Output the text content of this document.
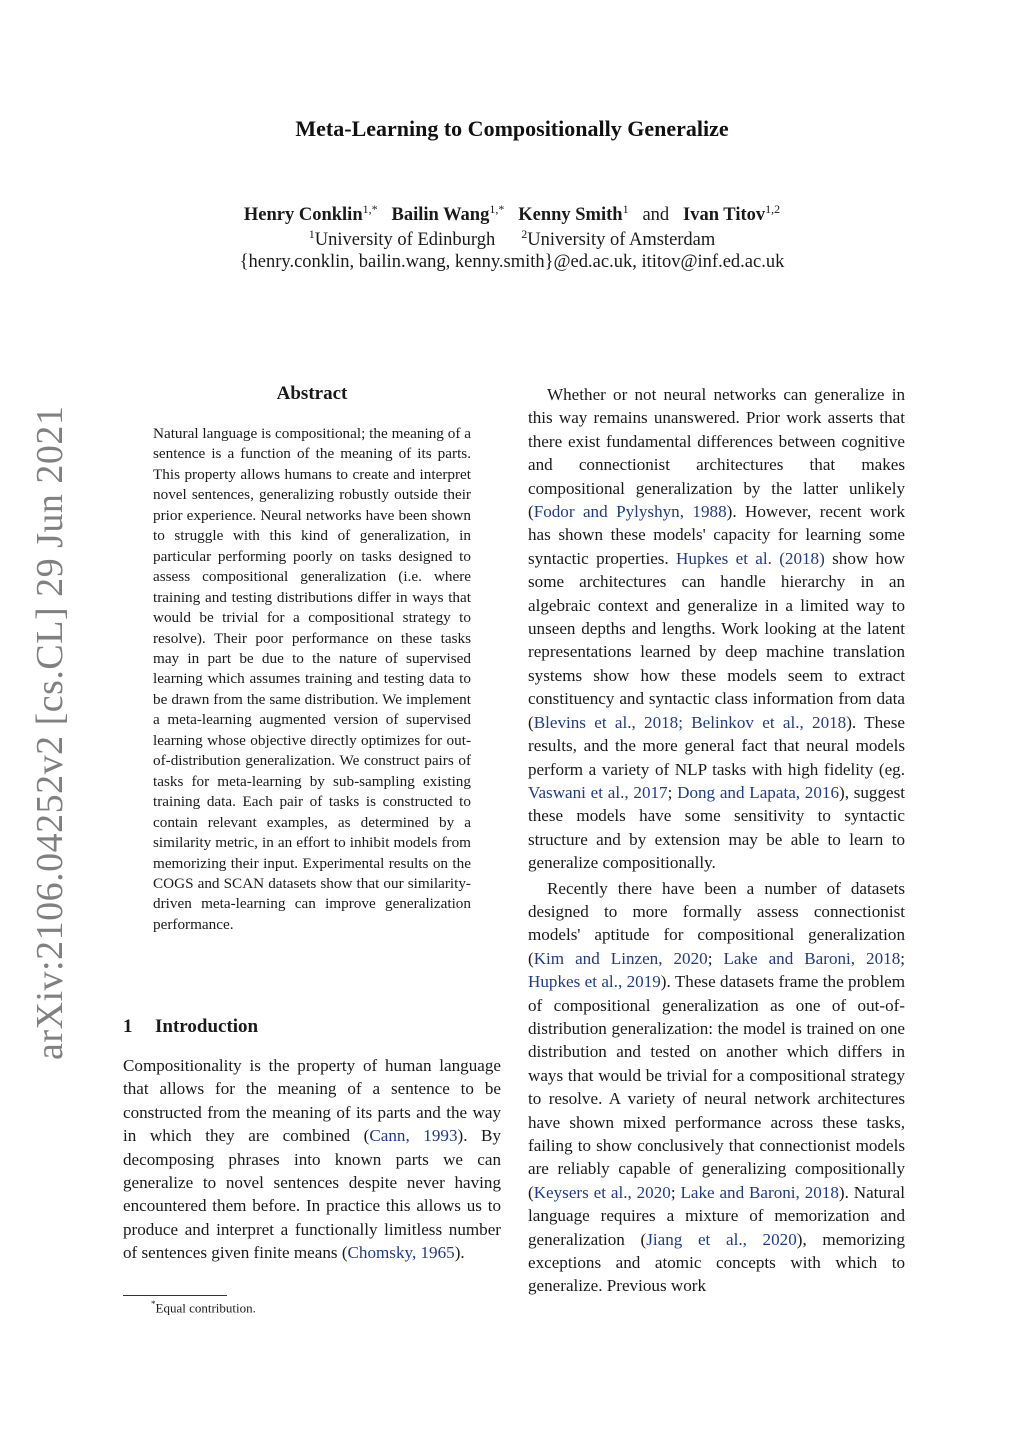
arXiv:2106.04252v2 [cs.CL] 29 Jun 2021
Meta-Learning to Compositionally Generalize
Henry Conklin$^{1,*}$ Bailin Wang$^{1,*}$ Kenny Smith$^1$ and Ivan Titov$^{1,2}$
$^1$University of Edinburgh $^2$University of Amsterdam
{henry.conklin, bailin.wang, kenny.smith}@ed.ac.uk, ititov@inf.ed.ac.uk
Abstract
Natural language is compositional; the meaning of a sentence is a function of the meaning of its parts. This property allows humans to create and interpret novel sentences, generalizing robustly outside their prior experience. Neural networks have been shown to struggle with this kind of generalization, in particular performing poorly on tasks designed to assess compositional generalization (i.e. where training and testing distributions differ in ways that would be trivial for a compositional strategy to resolve). Their poor performance on these tasks may in part be due to the nature of supervised learning which assumes training and testing data to be drawn from the same distribution. We implement a meta-learning augmented version of supervised learning whose objective directly optimizes for out-of-distribution generalization. We construct pairs of tasks for meta-learning by sub-sampling existing training data. Each pair of tasks is constructed to contain relevant examples, as determined by a similarity metric, in an effort to inhibit models from memorizing their input. Experimental results on the COGS and SCAN datasets show that our similarity-driven meta-learning can improve generalization performance.
1 Introduction
Compositionality is the property of human language that allows for the meaning of a sentence to be constructed from the meaning of its parts and the way in which they are combined (Cann, 1993). By decomposing phrases into known parts we can generalize to novel sentences despite never having encountered them before. In practice this allows us to produce and interpret a functionally limitless number of sentences given finite means (Chomsky, 1965).
*Equal contribution.

Whether or not neural networks can generalize in this way remains unanswered. Prior work asserts that there exist fundamental differences between cognitive and connectionist architectures that makes compositional generalization by the latter unlikely (Fodor and Pylyshyn, 1988). However, recent work has shown these models' capacity for learning some syntactic properties. Hupkes et al. (2018) show how some architectures can handle hierarchy in an algebraic context and generalize in a limited way to unseen depths and lengths. Work looking at the latent representations learned by deep machine translation systems show how these models seem to extract constituency and syntactic class information from data (Blevins et al., 2018; Belinkov et al., 2018). These results, and the more general fact that neural models perform a variety of NLP tasks with high fidelity (eg. Vaswani et al., 2017; Dong and Lapata, 2016), suggest these models have some sensitivity to syntactic structure and by extension may be able to learn to generalize compositionally.

Recently there have been a number of datasets designed to more formally assess connectionist models' aptitude for compositional generalization (Kim and Linzen, 2020; Lake and Baroni, 2018; Hupkes et al., 2019). These datasets frame the problem of compositional generalization as one of out-of-distribution generalization: the model is trained on one distribution and tested on another which differs in ways that would be trivial for a compositional strategy to resolve. A variety of neural network architectures have shown mixed performance across these tasks, failing to show conclusively that connectionist models are reliably capable of generalizing compositionally (Keysers et al., 2020; Lake and Baroni, 2018). Natural language requires a mixture of memorization and generalization (Jiang et al., 2020), memorizing exceptions and atomic concepts with which to generalize. Previous work
